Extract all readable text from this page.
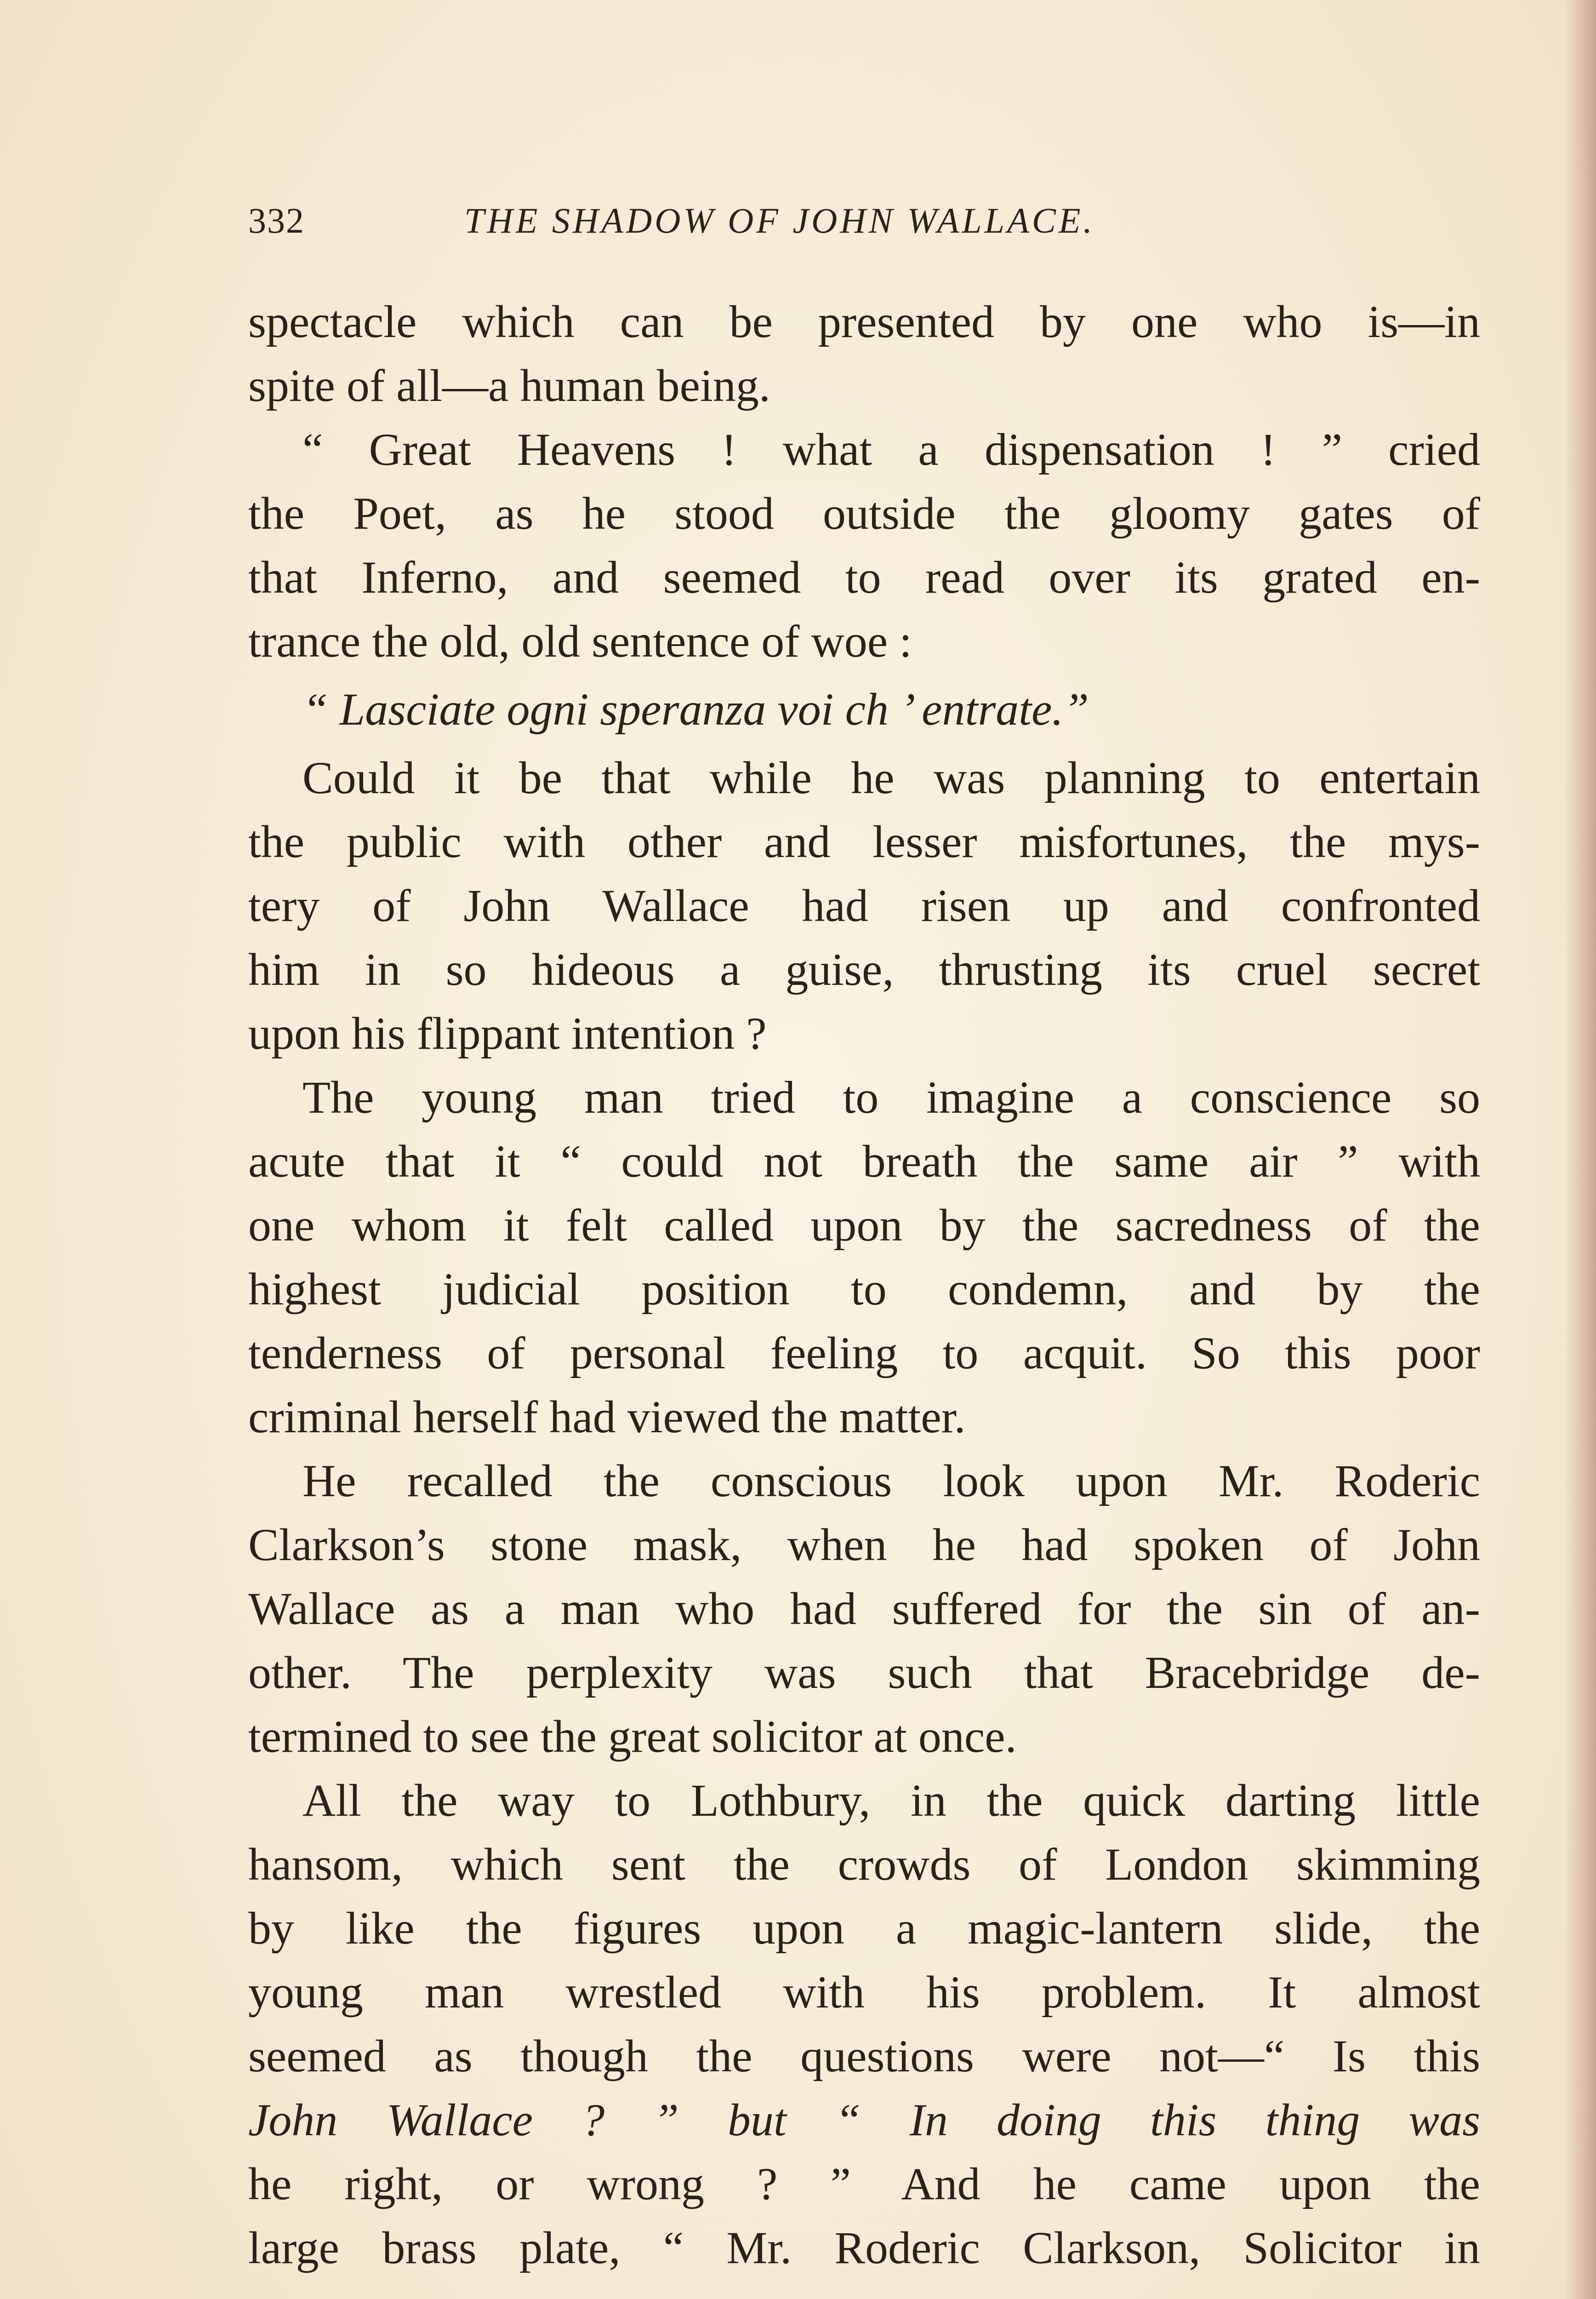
332	THE SHADOW OF JOHN WALLACE.
spectacle which can be presented by one who is—in
spite of all—a human being.
“ Great Heavens ! what a dispensation ! ” cried
the Poet, as he stood outside the gloomy gates of
that Inferno, and seemed to read over its grated en-
trance the old, old sentence of woe :
“ Lasciate ogni speranza voi ch ’ entrate.”
Could it be that while he was planning to entertain
the public with other and lesser misfortunes, the mys-
tery of John Wallace had risen up and confronted
him in so hideous a guise, thrusting its cruel secret
upon his flippant intention ?
The young man tried to imagine a conscience so
acute that it “ could not breath the same air ” with
one whom it felt called upon by the sacredness of the
highest judicial position to condemn, and by the
tenderness of personal feeling to acquit. So this poor
criminal herself had viewed the matter.
He recalled the conscious look upon Mr. Roderic
Clarkson’s stone mask, when he had spoken of John
Wallace as a man who had suffered for the sin of an-
other. The perplexity was such that Bracebridge de-
termined to see the great solicitor at once.
All the way to Lothbury, in the quick darting little
hansom, which sent the crowds of London skimming
by like the figures upon a magic-lantern slide, the
young man wrestled with his problem. It almost
seemed as though the questions were not—“ Is this
John Wallace ? ” but “ In doing this thing was
he right, or wrong ? ” And he came upon the
large brass plate, “ Mr. Roderic Clarkson, Solicitor in
